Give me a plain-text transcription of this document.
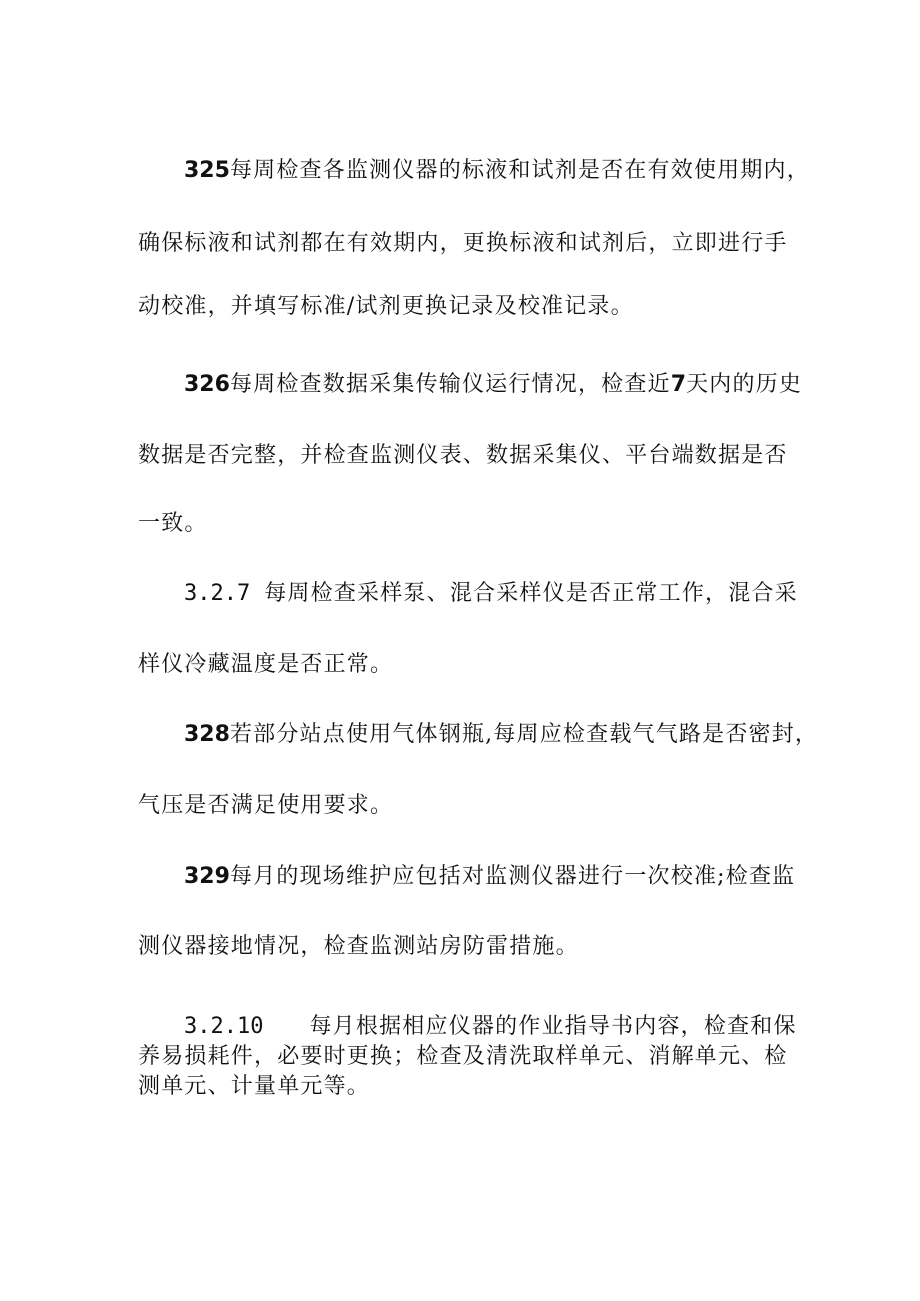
325每周检查各监测仪器的标液和试剂是否在有效使用期内，
确保标液和试剂都在有效期内，更换标液和试剂后，立即进行手
动校准，并填写标准/试剂更换记录及校准记录。
326每周检查数据采集传输仪运行情况，检查近7天内的历史
数据是否完整，并检查监测仪表、数据采集仪、平台端数据是否
一致。
3.2.7 每周检查采样泵、混合采样仪是否正常工作，混合采
样仪冷藏温度是否正常。
328若部分站点使用气体钢瓶,每周应检查载气气路是否密封，
气压是否满足使用要求。
329每月的现场维护应包括对监测仪器进行一次校准;检查监
测仪器接地情况，检查监测站房防雷措施。
3.2.10 每月根据相应仪器的作业指导书内容，检查和保
养易损耗件，必要时更换；检查及清洗取样单元、消解单元、检
测单元、计量单元等。
